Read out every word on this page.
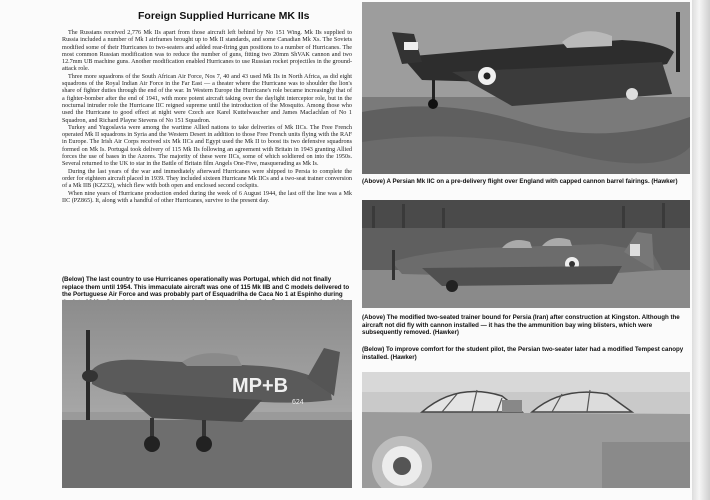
Foreign Supplied Hurricane MK IIs

The Russians received 2,776 Mk IIs apart from those aircraft left behind by No 151 Wing. Mk IIs supplied to Russia included a number of Mk I airframes brought up to Mk II standards, and some Canadian Mk Xs. The Soviets modified some of their Hurricanes to two-seaters and added rear-firing gun positions to a number of Hurricanes. The most common Russian modification was to reduce the number of guns, fitting two 20mm ShVAK cannon and two 12.7mm UB machine guns. Another modification enabled Hurricanes to use Russian rocket projectiles in the ground-attack role.

Three more squadrons of the South African Air Force, Nos 7, 40 and 43 used Mk IIs in North Africa, as did eight squadrons of the Royal Indian Air Force in the Far East — a theater where the Hurricane was to shoulder the lion's share of fighter duties through the end of the war. In Western Europe the Hurricane's role became increasingly that of a fighter-bomber after the end of 1941, with more potent aircraft taking over the daylight interceptor role, but in the nocturnal intruder role the Hurricane IIC reigned supreme until the introduction of the Mosquito. Among those who used the Hurricane to good effect at night were Czech ace Karel Kuttelwascher and James Maclachlan of No 1 Squadron, and Richard Playne Stevens of No 151 Squadron.

Turkey and Yugoslavia were among the wartime Allied nations to take deliveries of Mk IICs. The Free French operated Mk II squadrons in Syria and the Western Desert in addition to those Free French units flying with the RAF in Europe. The Irish Air Corps received six Mk IICs and Egypt used the Mk II to boost its two defensive squadrons formed on Mk Is. Portugal took delivery of 115 Mk IIs following an agreement with Britain in 1943 granting Allied forces the use of bases in the Azores. The majority of these were IICs, some of which soldiered on into the 1950s. Several returned to the UK to star in the Battle of Britain film Angels One-Five, masquerading as Mk Is.

During the last years of the war and immediately afterward Hurricanes were shipped to Persia to complete the order for eighteen aircraft placed in 1939. They included sixteen Hurricane Mk IICs and a two-seat trainer conversion of a Mk IIB (KZ232), which flew with both open and enclosed second cockpits.

When nine years of Hurricane production ended during the week of 6 August 1944, the last off the line was a Mk IIC (PZ865). It, along with a handful of other Hurricanes, survive to the present day.

(Below) The last country to use Hurricanes operationally was Portugal, which did not finally replace them until 1954. This immaculate aircraft was one of 115 Mk IIB and C models delivered to the Portuguese Air Force and was probably part of Esquadrilha de Caca No 1 at Espinho during
MP+B
624
(Above) A Persian Mk IIC on a pre-delivery flight over England with capped cannon barrel fairings. (Hawker)
(Above) The modified two-seated trainer bound for Persia (Iran) after construction at Kingston. Although the aircraft not did fly with cannon installed — it has the the ammunition bay wing blisters, which were subsequently removed. (Hawker)
(Below) To improve comfort for the student pilot, the Persian two-seater later had a modified Tempest canopy installed. (Hawker)
